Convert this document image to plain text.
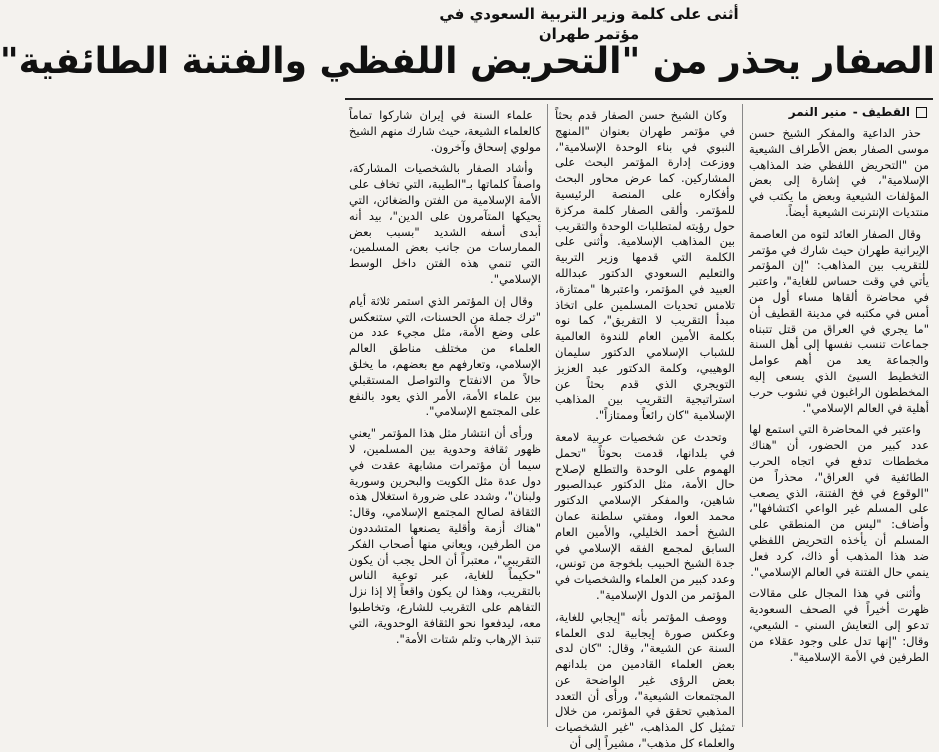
أثنى على كلمة وزير التربية السعودي في مؤتمر طهران
الصفار يحذر من "التحريض اللفظي والفتنة الطائفية"
القطيف -
منير النمر

حذر الداعية والمفكر الشيخ حسن موسى الصفار بعض الأطراف الشيعية من "التحريض اللفظي ضد المذاهب الإسلامية"، في إشارة إلى بعض المؤلفات الشيعية وبعض ما يكتب في منتديات الإنترنت الشيعية أيضاً.

وقال الصفار العائد لتوه من العاصمة الإيرانية طهران حيث شارك في مؤتمر للتقريب بين المذاهب: "إن المؤتمر يأتي في وقت حساس للغاية"، واعتبر في محاضرة ألقاها مساء أول من أمس في مكتبه في مدينة القطيف أن "ما يجري في العراق من قتل تتبناه جماعات تنسب نفسها إلى أهل السنة والجماعة يعد من أهم عوامل التخطيط السيئ الذي يسعى إليه المخططون الراغبون في نشوب حرب أهلية في العالم الإسلامي".

واعتبر في المحاضرة التي استمع لها عدد كبير من الحضور، أن "هناك مخططات تدفع في اتجاه الحرب الطائفية في العراق"، محذراً من "الوقوع في فخ الفتنة، الذي يصعب على المسلم غير الواعي اكتشافها"، وأضاف: "ليس من المنطقي على المسلم أن يأخذه التحريض اللفظي ضد هذا المذهب أو ذاك، كرد فعل ينمي حال الفتنة في العالم الإسلامي".

وأثنى في هذا المجال على مقالات ظهرت أخيراً في الصحف السعودية تدعو إلى التعايش السني - الشيعي، وقال: "إنها تدل على وجود عقلاء من الطرفين في الأمة الإسلامية".

وكان الشيخ حسن الصفار قدم بحثاً في مؤتمر طهران بعنوان "المنهج النبوي في بناء الوحدة الإسلامية"، ووزعت إدارة المؤتمر البحث على المشاركين. كما عرض محاور البحث وأفكاره على المنصة الرئيسية للمؤتمر. وألقى الصفار كلمة مركزة حول رؤيته لمتطلبات الوحدة والتقريب بين المذاهب الإسلامية. وأثنى على الكلمة التي قدمها وزير التربية والتعليم السعودي الدكتور عبدالله العبيد في المؤتمر، واعتبرها "ممتازة، تلامس تحديات المسلمين على اتخاذ مبدأ التقريب لا التفريق"، كما نوه بكلمة الأمين العام للندوة العالمية للشباب الإسلامي الدكتور سليمان الوهيبي، وكلمة الدكتور عبد العزيز التويجري الذي قدم بحثاً عن استراتيجية التقريب بين المذاهب الإسلامية "كان رائعاً وممتازاً".

وتحدث عن شخصيات عربية لامعة في بلدانها، قدمت بحوثاً "تحمل الهموم على الوحدة والتطلع لإصلاح حال الأمة، مثل الدكتور عبدالصبور شاهين، والمفكر الإسلامي الدكتور محمد العوا، ومفتي سلطنة عمان الشيخ أحمد الخليلي، والأمين العام السابق لمجمع الفقه الإسلامي في جدة الشيخ الحبيب بلخوجة من تونس، وعدد كبير من العلماء والشخصيات في المؤتمر من الدول الإسلامية".

ووصف المؤتمر بأنه "إيجابي للغاية، وعكس صورة إيجابية لدى العلماء السنة عن الشيعة"، وقال: "كان لدى بعض العلماء القادمين من بلدانهم بعض الرؤى غير الواضحة عن المجتمعات الشيعية"، ورأى أن التعدد المذهبي تحقق في المؤتمر، من خلال تمثيل كل المذاهب، "غير الشخصيات والعلماء كل مذهب"، مشيراً إلى أن

علماء السنة في إيران شاركوا تماماً كالعلماء الشيعة، حيث شارك منهم الشيخ مولوي إسحاق وآخرون.

وأشاد الصفار بالشخصيات المشاركة، واصفاً كلماتها بـ"الطيبة، التي تخاف على الأمة الإسلامية من الفتن والضغائن، التي يحيكها المتآمرون على الدين"، بيد أنه أبدى أسفه الشديد "بسبب بعض الممارسات من جانب بعض المسلمين، التي تنمي هذه الفتن داخل الوسط الإسلامي".

وقال إن المؤتمر الذي استمر ثلاثة أيام "ترك جملة من الحسنات، التي ستنعكس على وضع الأمة، مثل مجيء عدد من العلماء من مختلف مناطق العالم الإسلامي، وتعارفهم مع بعضهم، ما يخلق حالاً من الانفتاح والتواصل المستقبلي بين علماء الأمة، الأمر الذي يعود بالنفع على المجتمع الإسلامي".

ورأى أن انتشار مثل هذا المؤتمر "يعني ظهور ثقافة وحدوية بين المسلمين، لا سيما أن مؤتمرات مشابهة عقدت في دول عدة مثل الكويت والبحرين وسورية ولبنان"، وشدد على ضرورة استغلال هذه الثقافة لصالح المجتمع الإسلامي، وقال: "هناك أزمة وأقلية يصنعها المتشددون من الطرفين، ويعاني منها أصحاب الفكر التقريبي"، معتبراً أن الحل يجب أن يكون "حكيماً للغاية، عبر توعية الناس بالتقريب، وهذا لن يكون واقعاً إلا إذا نزل التفاهم على التقريب للشارع، وتخاطبوا معه، ليدفعوا نحو الثقافة الوحدوية، التي تنبذ الإرهاب وتلم شتات الأمة".
